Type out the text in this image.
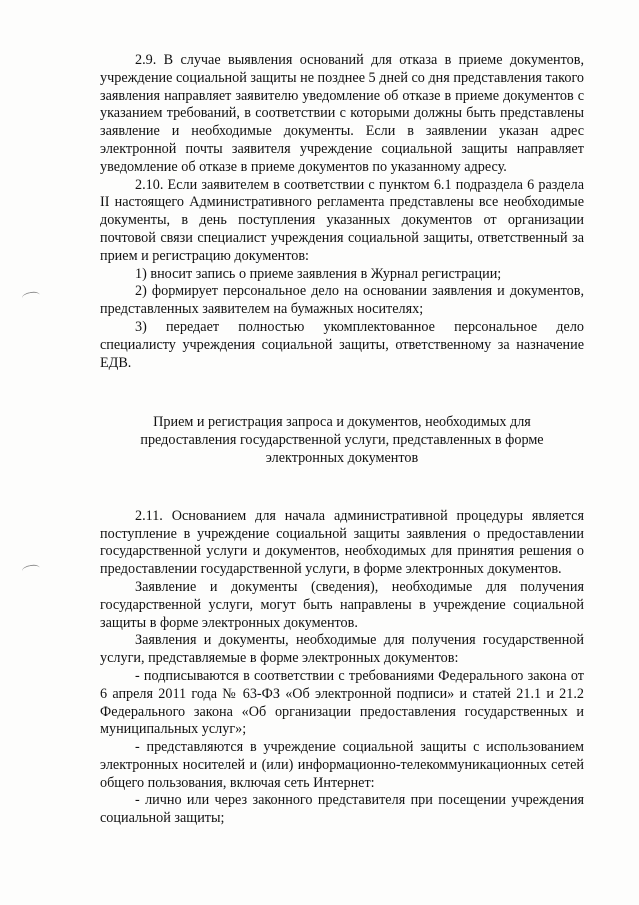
2.9. В случае выявления оснований для отказа в приеме документов, учреждение социальной защиты не позднее 5 дней со дня представления такого заявления направляет заявителю уведомление об отказе в приеме документов с указанием требований, в соответствии с которыми должны быть представлены заявление и необходимые документы. Если в заявлении указан адрес электронной почты заявителя учреждение социальной защиты направляет уведомление об отказе в приеме документов по указанному адресу.

2.10. Если заявителем в соответствии с пунктом 6.1 подраздела 6 раздела II настоящего Административного регламента представлены все необходимые документы, в день поступления указанных документов от организации почтовой связи специалист учреждения социальной защиты, ответственный за прием и регистрацию документов:

1) вносит запись о приеме заявления в Журнал регистрации;

2) формирует персональное дело на основании заявления и документов, представленных заявителем на бумажных носителях;

3) передает полностью укомплектованное персональное дело специалисту учреждения социальной защиты, ответственному за назначение ЕДВ.

Прием и регистрация запроса и документов, необходимых для предоставления государственной услуги, представленных в форме электронных документов

2.11. Основанием для начала административной процедуры является поступление в учреждение социальной защиты заявления о предоставлении государственной услуги и документов, необходимых для принятия решения о предоставлении государственной услуги, в форме электронных документов.

Заявление и документы (сведения), необходимые для получения государственной услуги, могут быть направлены в учреждение социальной защиты в форме электронных документов.

Заявления и документы, необходимые для получения государственной услуги, представляемые в форме электронных документов:

- подписываются в соответствии с требованиями Федерального закона от 6 апреля 2011 года № 63-ФЗ «Об электронной подписи» и статей 21.1 и 21.2 Федерального закона «Об организации предоставления государственных и муниципальных услуг»;

- представляются в учреждение социальной защиты с использованием электронных носителей и (или) информационно-телекоммуникационных сетей общего пользования, включая сеть Интернет:

- лично или через законного представителя при посещении учреждения социальной защиты;
